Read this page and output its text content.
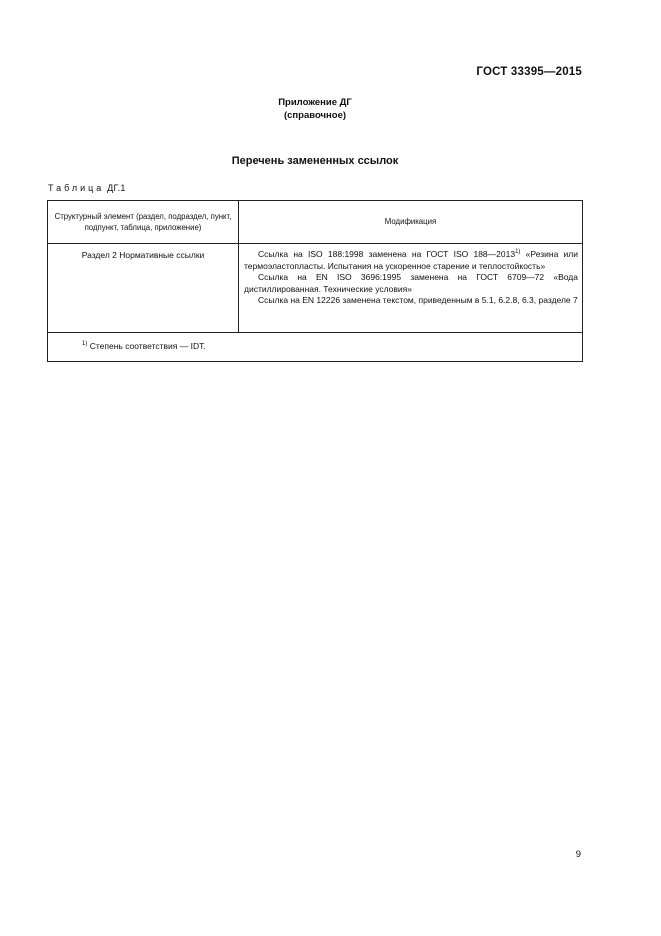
ГОСТ 33395—2015
Приложение ДГ
(справочное)
Перечень замененных ссылок
Таблица ДГ.1
Структурный элемент (раздел, подраздел, пункт, подпункт, таблица, приложение)	Модификация
Раздел 2 Нормативные ссылки	Ссылка на ISO 188:1998 заменена на ГОСТ ISO 188—2013$^{1)}$ «Резина или термоэластопласты. Испытания на ускоренное старение и теплостойкость»

Ссылка на EN ISO 3696:1995 заменена на ГОСТ 6709—72 «Вода дистиллированная. Технические условия»

Ссылка на EN 12226 заменена текстом, приведенным в 5.1, 6.2.8, 6.3, разделе 7

$^{1)}$ Степень соответствия — IDT.	
9
